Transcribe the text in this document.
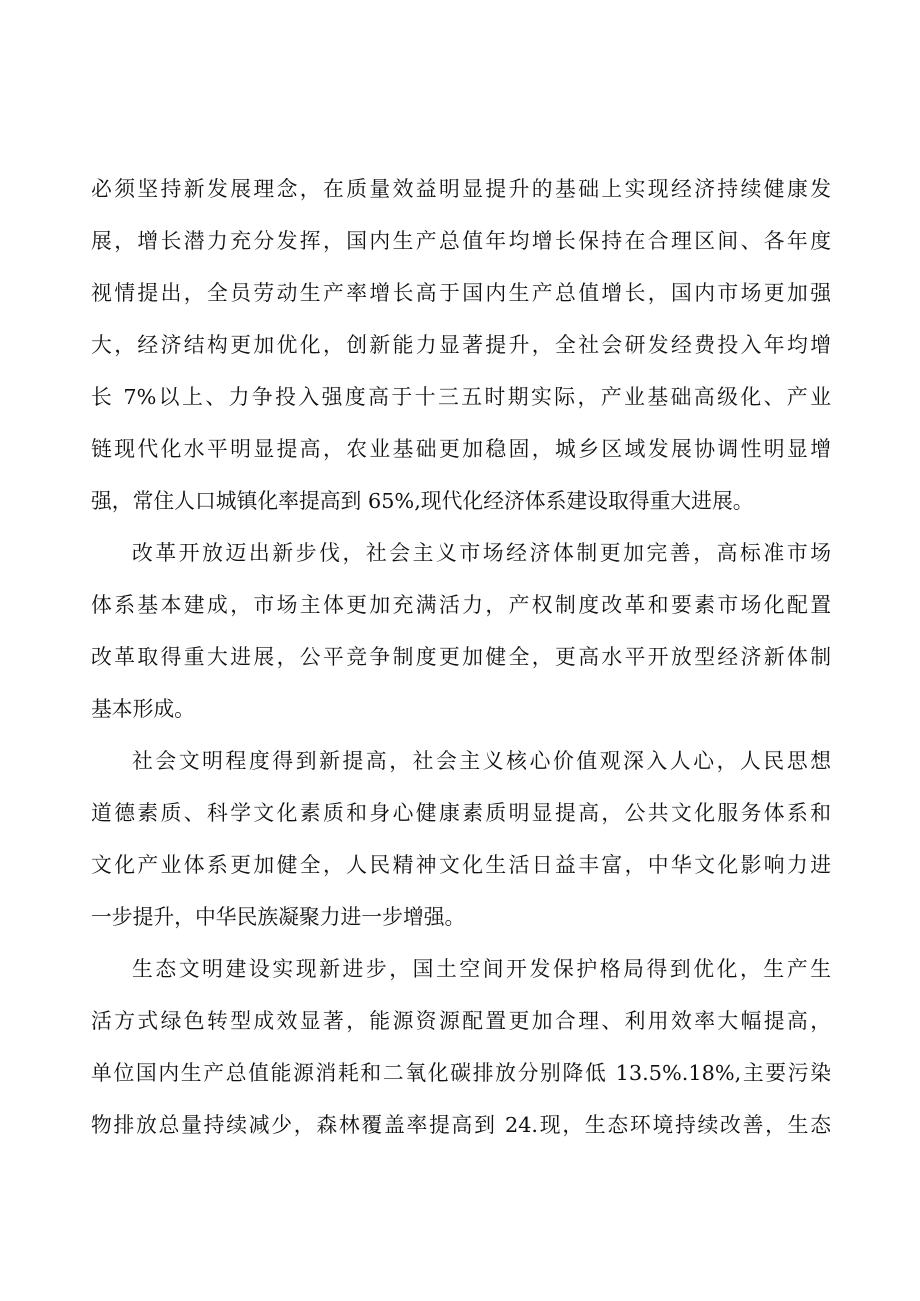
必须坚持新发展理念，在质量效益明显提升的基础上实现经济持续健康发
展，增长潜力充分发挥，国内生产总值年均增长保持在合理区间、各年度
视情提出，全员劳动生产率增长高于国内生产总值增长，国内市场更加强
大，经济结构更加优化，创新能力显著提升，全社会研发经费投入年均增
长 7%以上、力争投入强度高于十三五时期实际，产业基础高级化、产业
链现代化水平明显提高，农业基础更加稳固，城乡区域发展协调性明显增
强，常住人口城镇化率提高到 65%,现代化经济体系建设取得重大进展。
改革开放迈出新步伐，社会主义市场经济体制更加完善，高标准市场
体系基本建成，市场主体更加充满活力，产权制度改革和要素市场化配置
改革取得重大进展，公平竞争制度更加健全，更高水平开放型经济新体制
基本形成。
社会文明程度得到新提高，社会主义核心价值观深入人心，人民思想
道德素质、科学文化素质和身心健康素质明显提高，公共文化服务体系和
文化产业体系更加健全，人民精神文化生活日益丰富，中华文化影响力进
一步提升，中华民族凝聚力进一步增强。
生态文明建设实现新进步，国土空间开发保护格局得到优化，生产生
活方式绿色转型成效显著，能源资源配置更加合理、利用效率大幅提高，
单位国内生产总值能源消耗和二氧化碳排放分别降低 13.5%.18%,主要污染
物排放总量持续减少，森林覆盖率提高到 24.现，生态环境持续改善，生态
